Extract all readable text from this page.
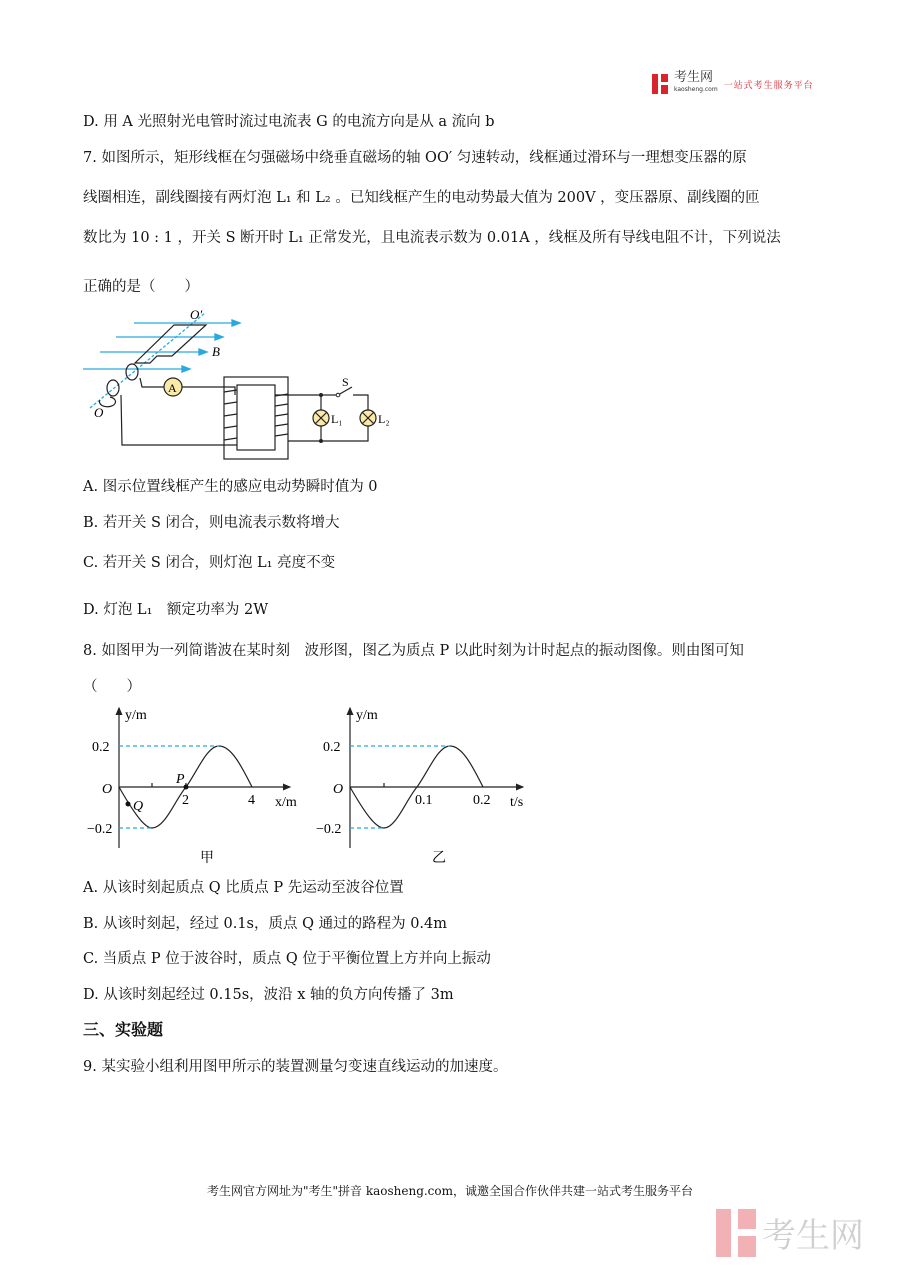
考生网
kaosheng.com 一站式考生服务平台
D. 用 A 光照射光电管时流过电流表 G 的电流方向是从 a 流向 b
7. 如图所示，矩形线框在匀强磁场中绕垂直磁场的轴 OO′ 匀速转动，线框通过滑环与一理想变压器的原
线圈相连，副线圈接有两灯泡 L₁ 和 L₂ 。已知线框产生的电动势最大值为 200V ，变压器原、副线圈的匝
数比为 10 : 1 ，开关 S 断开时 L₁ 正常发光，且电流表示数为 0.01A ，线框及所有导线电阻不计，下列说法
正确的是（　　）
O′
B
O
A	S
L₁	L₂
A. 图示位置线框产生的感应电动势瞬时值为 0
B. 若开关 S 闭合，则电流表示数将增大
C. 若开关 S 闭合，则灯泡 L₁ 亮度不变
D. 灯泡 L₁　额定功率为 2W
8. 如图甲为一列简谐波在某时刻　波形图，图乙为质点 P 以此时刻为计时起点的振动图像。则由图可知
（　　）
y/m
0.2
−0.2
O
2	4 x/m
P
Q
甲
y/m
0.2
−0.2
O
0.1	0.2 t/s
乙
A. 从该时刻起质点 Q 比质点 P 先运动至波谷位置
B. 从该时刻起，经过 0.1s，质点 Q 通过的路程为 0.4m
C. 当质点 P 位于波谷时，质点 Q 位于平衡位置上方并向上振动
D. 从该时刻起经过 0.15s，波沿 x 轴的负方向传播了 3m
三、实验题
9. 某实验小组利用图甲所示的装置测量匀变速直线运动的加速度。
考生网官方网址为"考生"拼音 kaosheng.com，诚邀全国合作伙伴共建一站式考生服务平台
考生网
